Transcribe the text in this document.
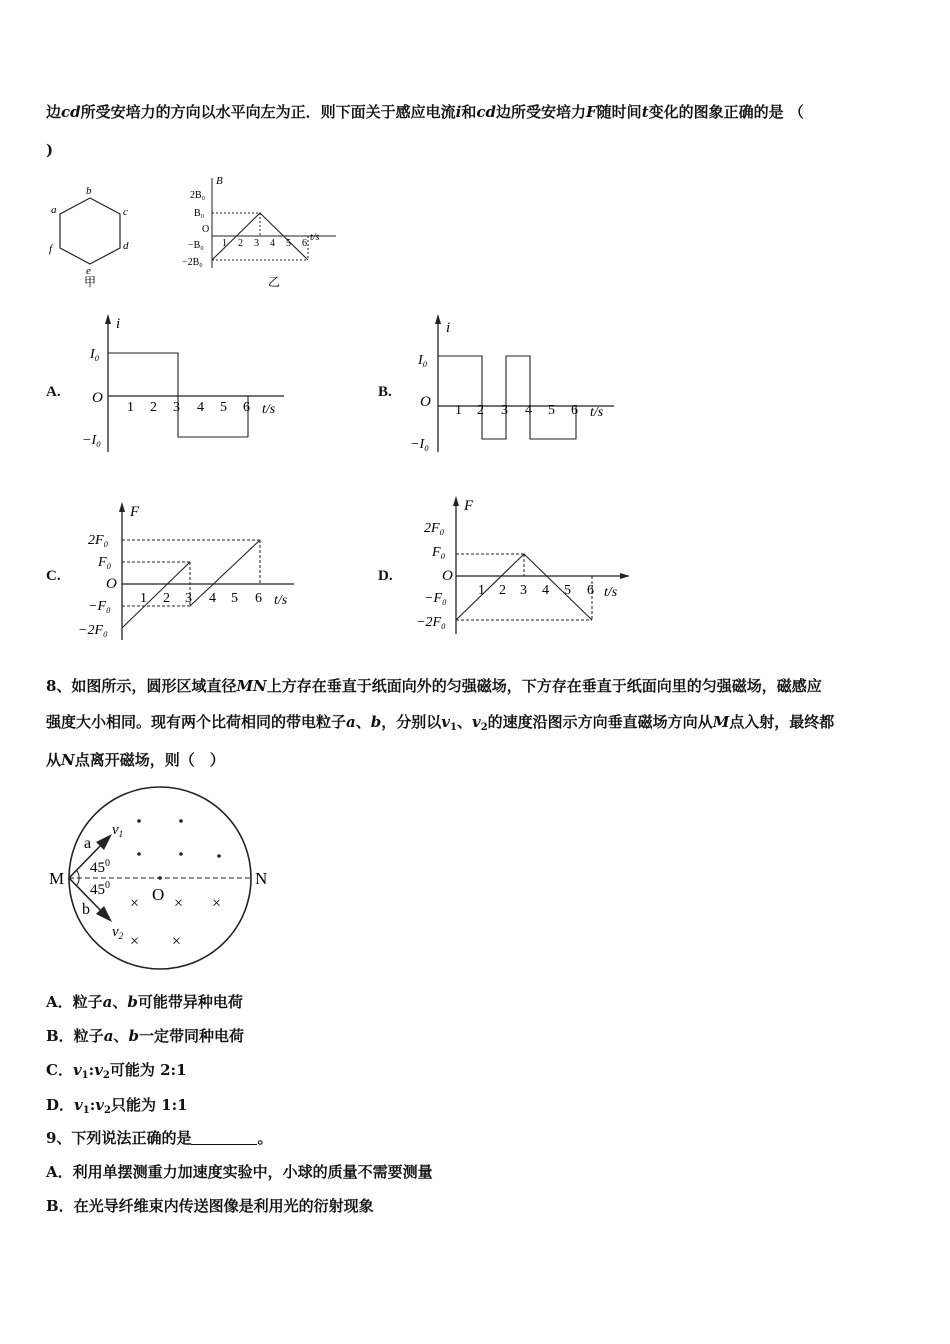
边cd所受安培力的方向以水平向左为正．则下面关于感应电流i和cd边所受安培力F随时间t变化的图象正确的是 （
)
b
a	c
d
f
e
甲
B
2B₀
B₀
O
−B₀
−2B₀
1 2 3 4 5 6
t/s
乙
A.
i
I₀
O
−I₀
1 2 3 4 5 6 t/s
B.
i
I₀
O
−I₀
1 2 3 4 5 6 t/s
C.
F
2F₀
F₀
O
−F₀
−2F₀
1 2 3 4 5 6 t/s
D.
F
2F₀
F₀
O
−F₀
−2F₀
1 2 3 4 5 6 t/s
8、如图所示，圆形区域直径MN上方存在垂直于纸面向外的匀强磁场，下方存在垂直于纸面向里的匀强磁场，磁感应
强度大小相同。现有两个比荷相同的带电粒子a、b，分别以$v_1$、$v_2$的速度沿图示方向垂直磁场方向从M点入射，最终都
从N点离开磁场，则（　）
M	N
O
× × ×
× ×
a
b
$v_1$
$v_2$
$45^0$
$45^0$
A．粒子a、b可能带异种电荷
B．粒子a、b一定带同种电荷
C．$v_1:v_2$可能为 2:1
D．$v_1:v_2$只能为 1:1
9、下列说法正确的是	。
A．利用单摆测重力加速度实验中，小球的质量不需要测量
B．在光导纤维束内传送图像是利用光的衍射现象
